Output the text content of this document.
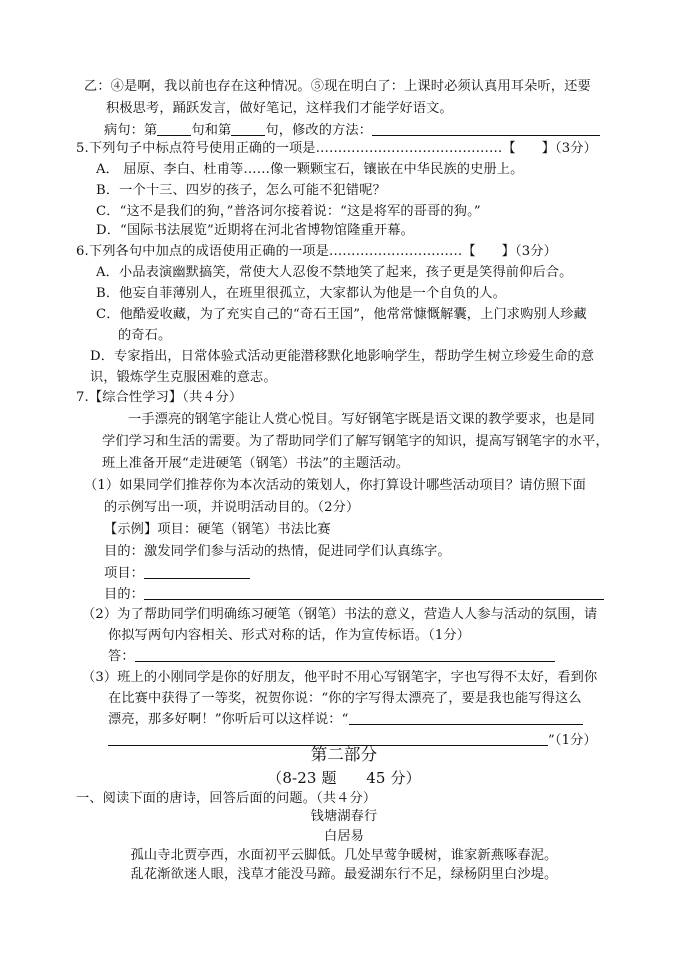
乙：④是啊，我以前也存在这种情况。⑤现在明白了：上课时必须认真用耳朵听，还要
积极思考，踊跃发言，做好笔记，这样我们才能学好语文。
病句：第	句和第	句，修改的方法：
5.下列句子中标点符号使用正确的一项是……………………………………【 】（3分）
A． 屈原、李白、杜甫等……像一颗颗宝石，镶嵌在中华民族的史册上。
B．一个十三、四岁的孩子，怎么可能不犯错呢？
C．“这不是我们的狗，”普洛诃尔接着说：“这是将军的哥哥的狗。”
D．“国际书法展览”近期将在河北省博物馆隆重开幕。
6.下列各句中加点的成语使用正确的一项是…………………………【 】（3分）
A．小品表演幽默搞笑，常使大人忍俊不禁地笑了起来，孩子更是笑得前仰后合。
B．他妄自菲薄别人，在班里很孤立，大家都认为他是一个自负的人。
C．他酷爱收藏，为了充实自己的“奇石王国”，他常常慷慨解囊，上门求购别人珍藏
的奇石。
D．专家指出，日常体验式活动更能潜移默化地影响学生，帮助学生树立珍爱生命的意
识，锻炼学生克服困难的意志。
7.【综合性学习】（共４分）
一手漂亮的钢笔字能让人赏心悦目。写好钢笔字既是语文课的教学要求，也是同
学们学习和生活的需要。为了帮助同学们了解写钢笔字的知识，提高写钢笔字的水平，
班上准备开展“走进硬笔（钢笔）书法”的主题活动。
（1）如果同学们推荐你为本次活动的策划人，你打算设计哪些活动项目？请仿照下面
的示例写出一项，并说明活动目的。（2分）
【示例】项目：硬笔（钢笔）书法比赛
目的：激发同学们参与活动的热情，促进同学们认真练字。
项目：
目的：
（2）为了帮助同学们明确练习硬笔（钢笔）书法的意义，营造人人参与活动的氛围，请
你拟写两句内容相关、形式对称的话，作为宣传标语。（1分）
答：
（3）班上的小刚同学是你的好朋友，他平时不用心写钢笔字，字也写得不太好，看到你
在比赛中获得了一等奖，祝贺你说：“你的字写得太漂亮了，要是我也能写得这么
漂亮，那多好啊！”你听后可以这样说：“
”（1分）
第二部分
（8-23 题      45 分）
一、阅读下面的唐诗，回答后面的问题。（共４分）
钱塘湖春行
白居易
孤山寺北贾亭西，水面初平云脚低。几处早莺争暖树，谁家新燕啄春泥。
乱花渐欲迷人眼，浅草才能没马蹄。最爱湖东行不足，绿杨阴里白沙堤。
